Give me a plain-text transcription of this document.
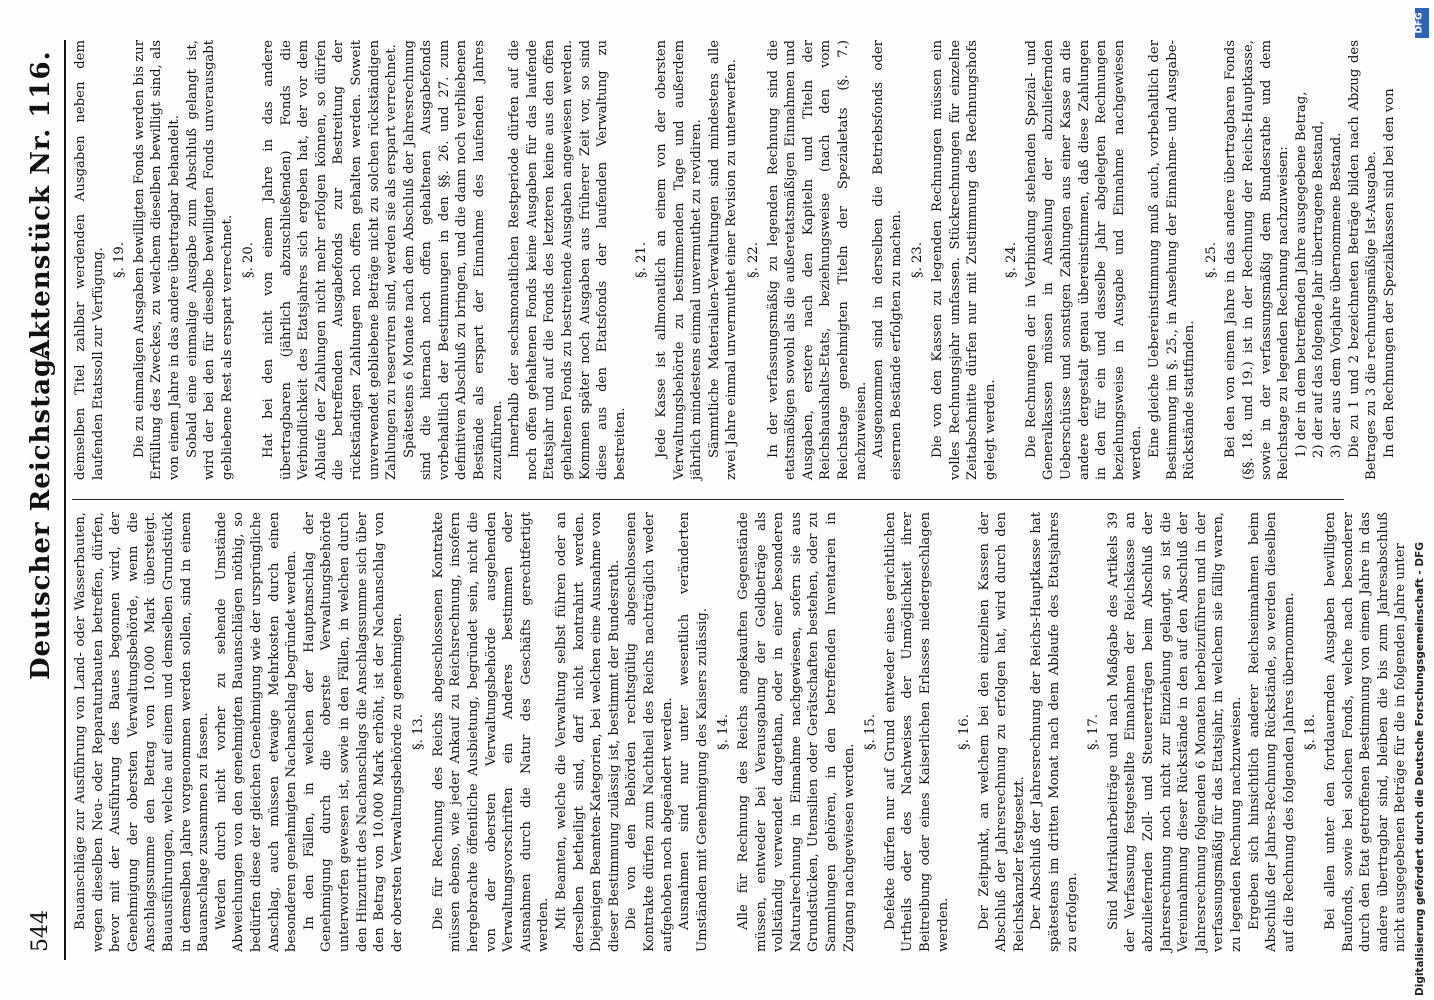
544
Deutscher Reichstag.
Aktenstück Nr. 116.

Bauanschläge zur Ausführung von Land- oder Wasserbauten, wegen dieselben Neu- oder Reparaturbauten betreffen, dürfen, bevor mit der Ausführung des Baues begonnen wird, der Genehmigung der obersten Verwaltungsbehörde, wenn die Anschlagssumme den Betrag von 10.000 Mark übersteigt. Bauausführungen, welche auf einem und demselben Grundstück in demselben Jahre vorgenommen werden sollen, sind in einem Bauanschlage zusammen zu fassen. Werden durch nicht vorher zu sehende Umstände Abweichungen von den genehmigten Bauanschlägen nöthig, so bedürfen diese der gleichen Genehmigung wie der ursprüngliche Anschlag, auch müssen etwaige Mehrkosten durch einen besonderen genehmigten Nachanschlag begründet werden. In den Fällen, in welchen der Hauptanschlag der Genehmigung durch die oberste Verwaltungsbehörde unterworfen gewesen ist, sowie in den Fällen, in welchen durch den Hinzutritt des Nachanschlags die Anschlagssumme sich über den Betrag von 10.000 Mark erhöht, ist der Nachanschlag von der obersten Verwaltungsbehörde zu genehmigen. §. 13. Die für Rechnung des Reichs abgeschlossenen Kontrakte müssen ebenso, wie jeder Ankauf zu Reichsrechnung, insofern hergebrachte öffentliche Ausbietung, begründet sein, nicht die von der obersten Verwaltungsbehörde ausgehenden Verwaltungsvorschriften ein Anderes bestimmen oder Ausnahmen durch die Natur des Geschäfts gerechtfertigt werden. Mit Beamten, welche die Verwaltung selbst führen oder an derselben betheiligt sind, darf nicht kontrahirt werden. Diejenigen Beamten-Kategorien, bei welchen eine Ausnahme von dieser Bestimmung zulässig ist, bestimmt der Bundesrath. Die von den Behörden rechtsgültig abgeschlossenen Kontrakte dürfen zum Nachtheil des Reichs nachträglich weder aufgehoben noch abgeändert werden. Ausnahmen sind nur unter wesentlich veränderten Umständen mit Genehmigung des Kaisers zulässig. §. 14. Alle für Rechnung des Reichs angekauften Gegenstände müssen, entweder bei Verausgabung der Geldbeträge als vollständig verwendet dargethan, oder in einer besonderen Naturalrechnung in Einnahme nachgewiesen, sofern sie aus Grundstücken, Utensilien oder Gerätschaften bestehen, oder zu Sammlungen gehören, in den betreffenden Inventarien in Zugang nachgewiesen werden.

§. 15. Defekte dürfen nur auf Grund entweder eines gerichtlichen Urtheils oder des Nachweises der Unmöglichkeit ihrer Beitreibung oder eines Kaiserlichen Erlasses niedergeschlagen werden.

§. 16. Der Zeitpunkt, an welchem bei den einzelnen Kassen der Abschluß der Jahresrechnung zu erfolgen hat, wird durch den Reichskanzler festgesetzt. Der Abschluß der Jahresrechnung der Reichs-Hauptkasse hat spätestens im dritten Monat nach dem Ablaufe des Etatsjahres zu erfolgen.

§. 17. Sind Matrikularbeiträge und nach Maßgabe des Artikels 39 der Verfassung festgestellte Einnahmen der Reichskasse an abzuliefernden Zoll- und Steuererträgen beim Abschluß der Jahresrechnung noch nicht zur Einziehung gelangt, so ist die Vereinnahmung dieser Rückstände in den auf den Abschluß der Jahresrechnung folgenden 6 Monaten herbeizuführen und in der verfassungsmäßig für das Etatsjahr, in welchem sie fällig waren, zu legenden Rechnung nachzuweisen. Ergeben sich hinsichtlich anderer Reichseinnahmen beim Abschluß der Jahres-Rechnung Rückstände, so werden dieselben auf die Rechnung des folgenden Jahres übernommen. §. 18. Bei allen unter den fortdauernden Ausgaben bewilligten Baufonds, sowie bei solchen Fonds, welche nach besonderer durch den Etat getroffenen Bestimmung von einem Jahre in das andere übertragbar sind, bleiben die bis zum Jahresabschluß nicht ausgegebenen Beträge für die in folgenden Jahre unter

demselben Titel zahlbar werdenden Ausgaben neben dem laufenden Etatssoll zur Verfügung. §. 19. Die zu einmaligen Ausgaben bewilligten Fonds werden bis zur Erfüllung des Zweckes, zu welchem dieselben bewilligt sind, als von einem Jahre in das andere übertragbar behandelt. Sobald eine einmalige Ausgabe zum Abschluß gelangt ist, wird der bei den für dieselbe bewilligten Fonds unverausgabt gebliebene Rest als erspart verrechnet. §. 20. Hat bei den nicht von einem Jahre in das andere übertragbaren (jährlich abzuschließenden) Fonds die Verbindlichkeit des Etatsjahres sich ergeben hat, der vor dem Ablaufe der Zahlungen nicht mehr erfolgen können, so dürfen die betreffenden Ausgabefonds zur Bestreitung der rückständigen Zahlungen noch offen gehalten werden. Soweit unverwendet gebliebene Beträge nicht zu solchen rückständigen Zahlungen zu reserviren sind, werden sie als erspart verrechnet. Spätestens 6 Monate nach dem Abschluß der Jahresrechnung sind die hiernach noch offen gehaltenen Ausgabefonds vorbehaltlich der Bestimmungen in den §§. 26. und 27. zum definitiven Abschluß zu bringen, und die dann noch verbliebenen Bestände als erspart der Einnahme des laufenden Jahres zuzuführen. Innerhalb der sechsmonatlichen Restperiode dürfen auf die noch offen gehaltenen Fonds keine Ausgaben für das laufende Etatsjahr und auf die Fonds des letzteren keine aus den offen gehaltenen Fonds zu bestreitende Ausgaben angewiesen werden. Kommen später noch Ausgaben aus früherer Zeit vor, so sind diese aus den Etatsfonds der laufenden Verwaltung zu bestreiten.

§. 21. Jede Kasse ist allmonatlich an einem von der obersten Verwaltungsbehörde zu bestimmenden Tage und außerdem jährlich mindestens einmal unvermuthet zu revidiren. Sämmtliche Materialien-Verwaltungen sind mindestens alle zwei Jahre einmal unvermuthet einer Revision zu unterwerfen. §. 22. In der verfassungsmäßig zu legenden Rechnung sind die etatsmäßigen sowohl als die außeretatsmäßigen Einnahmen und Ausgaben, erstere nach den Kapiteln und Titeln der Reichshaushalts-Etats, beziehungsweise (nach den vom Reichstage genehmigten Titeln der Spezialetats (§. 7.) nachzuweisen. Ausgenommen sind in derselben die Betriebsfonds oder eisernen Bestände erfolgten zu machen. §. 23. Die von den Kassen zu legenden Rechnungen müssen ein volles Rechnungsjahr umfassen. Stückrechnungen für einzelne Zeitabschnitte dürfen nur mit Zustimmung des Rechnungshofs gelegt werden.

§. 24. Die Rechnungen der in Verbindung stehenden Spezial- und Generalkassen müssen in Ansehung der abzuliefernden Ueberschüsse und sonstigen Zahlungen aus einer Kasse an die andere dergestalt genau übereinstimmen, daß diese Zahlungen in den für ein und dasselbe Jahr abgelegten Rechnungen beziehungsweise in Ausgabe und Einnahme nachgewiesen werden. Eine gleiche Uebereinstimmung muß auch, vorbehaltlich der Bestimmung im §. 25., in Ansehung der Einnahme- und Ausgabe-Rückstände stattfinden.

§. 25. Bei den von einem Jahre in das andere übertragbaren Fonds (§§. 18. und 19.) ist in der Rechnung der Reichs-Hauptkasse, sowie in der verfassungsmäßig dem Bundesrathe und dem Reichstage zu legenden Rechnung nachzuweisen: 1) der in dem betreffenden Jahre ausgegebene Betrag, 2) der auf das folgende Jahr übertragene Bestand, 3) der aus dem Vorjahre übernommene Bestand. Die zu 1 und 2 bezeichneten Beträge bilden nach Abzug des Betrages zu 3 die rechnungsmäßige Ist-Ausgabe. In den Rechnungen der Spezialkassen sind bei den von

DFG
Digitalisierung gefördert durch die Deutsche Forschungsgemeinschaft - DFG
